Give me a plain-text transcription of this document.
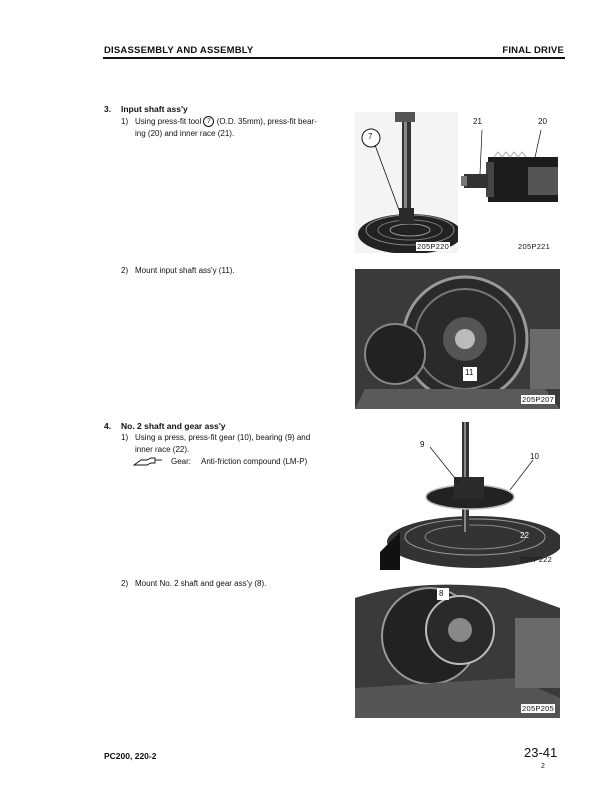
DISASSEMBLY AND ASSEMBLY	FINAL DRIVE
3. Input shaft ass'y
1) Using press-fit tool 7 (O.D. 35mm), press-fit bear-
ing (20) and inner race (21).
2) Mount input shaft ass'y (11).
4. No. 2 shaft and gear ass'y
1) Using a press, press-fit gear (10), bearing (9) and
inner race (22).
Gear: Anti-friction compound (LM-P)
2) Mount No. 2 shaft and gear ass'y (8).
7
205P220
21	20
205P221
11
205P207
9
10
22
205P222
8
205P205
PC200, 220-2	23-41
2
